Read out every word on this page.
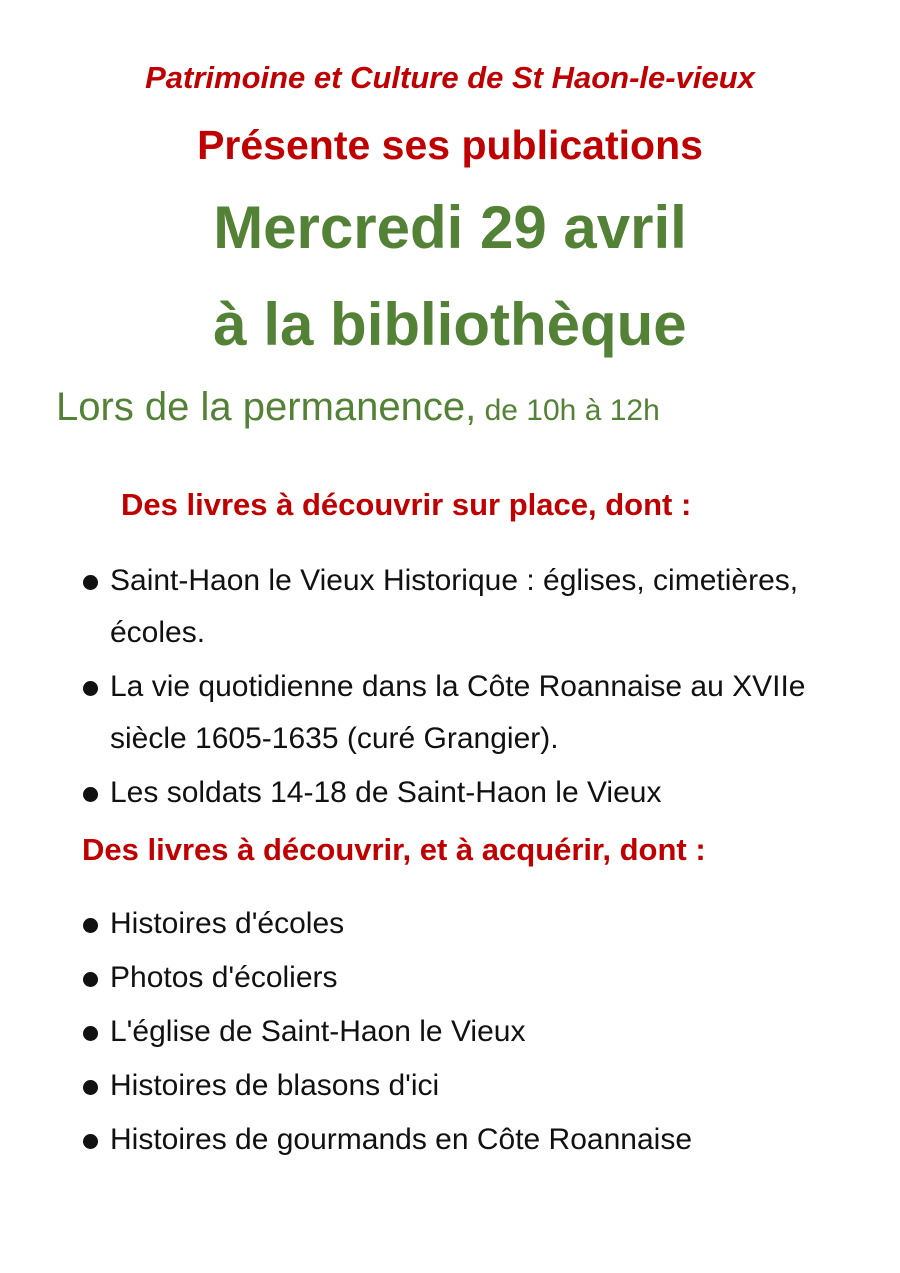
Patrimoine et Culture de St Haon-le-vieux
Présente ses publications
Mercredi 29 avril
à la bibliothèque
Lors de la permanence, de 10h à 12h
Des livres à découvrir sur place, dont :
Saint-Haon le Vieux Historique : églises, cimetières, écoles.
La vie quotidienne dans la Côte Roannaise au XVIIe siècle 1605-1635 (curé Grangier).
Les soldats 14-18 de Saint-Haon le Vieux
Des livres à découvrir, et à acquérir, dont :
Histoires d'écoles
Photos d'écoliers
L'église de Saint-Haon le Vieux
Histoires de blasons d'ici
Histoires de gourmands en Côte Roannaise
